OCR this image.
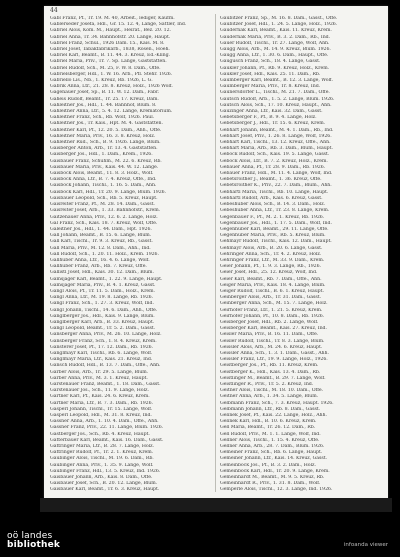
44
Gabl Franz, Pf., Tr. 19. M. 40, Arbeit., lediger, Kaufm.
Gablerseder Josefa, Hdl., Gr. 15. 12. 4, Lange, Sattler, Ind.
Gabriel Alois, Kom. M., Haupt., Heirat., Bez. 20. 12.
Gabriel Anna, Tr. 34. Bahnhofstr. 20. Lange, Haupt.
Gabriel Franz, Schul., 1926 Dam. 15., Kais. M. 8.
Gabriel Josef, Tabakfabrikarb., 1838, Rosen., Hoeh.
Gabriel Karl, Beamt., B. 11. 44. 3. Kreuz, Ed.-Kling.
Gabriel Maria, Priv., Tr. 7. Sp. Lange, Gaststätten.
Gabriel Rudolf, Sch., M. 25, F. W. 8. Dam., Offe.
Gabrielsberger, Hdl., 1. W. 16. Arb., Pfl. Stehr. 1926.
Gabriello Lis., Nb., 1. Kreuz, Rb. 1926, L. G.
Gabrik Anna, Ltr., 21. 28. 8. Kreuz, Holz., 1926 Wolf.
Gagenauer Josef, Sp., B. 11. W. 12. Dam., Fabr.
Gaheis Rudolf, Beamt., Tr. 25. 17. Kreuz, Dam.
Gahleitner Jos., Hdl., 1. 44. Bahnhof, Blum. 8.
Gahleitner Anna, Ltr., 5. 4. 12. Lange, Krematorium.
Gahleitner Franz, Sch., Rb. Wolf, 1926. Paul.
Gahleitner Jos., Tr. Kais., Hpt. M. 4. Gaststätten.
Gahleitner Karl, Pf., 12. 20. 5. Dam., Ahh., Offe.
Gahleitner Maria, Priv., 16. 3. 8. Kreuz, Holz.
Gahleitner Rud., Sch., B. 9. 1926. Lange, Blum.
Gaisberger Anton, Arb., Tr. 13. 4. Gaststätten.
Gaisberger Jos., Hdl., 1. Dam., Krem., 1926.
Gaisbauer Franz, Schuhm., M. 22. 6. Kreuz, Rb.
Gaisbauer Maria, Priv., Kais. 44. W. 12. Lange.
Gaisböck Alois, Beamt., 11. 8. 3. Holz., Wolf.
Gaisböck Anna, Ltr., B. 7. 4. Kreuz, Offe., Ind.
Gaisböck Johann, Tischl., 1. 16. 5. Dam., Ahh.
Gaisböck Karl, Hdl., Tr. 20. 9. Lange, Blum. 1926.
Gaisbauer Leopold, Sch., Rb. 5. Kreuz, Haupt.
Gaisreiter Franz, Pf., M. 28. 14. Dam., Gasst.
Gaisreiter Josef, Arb., 1. 33. Bahnhofstr., Krem.
Gaitzenauer Anna, Priv., 12. 6. 2. Lange, Holz.
Gal Franz, Sch., Kais. 18. 7. Kreuz, Wolf, Offe.
Galeitner Jos., Hdl., 1. 44. Dam., Hpt. 1926.
Gall Johann, Beamt., B. 15. 6. Lange, Blum.
Gall Karl, Tischl., Tr. 9. 3. Kreuz, Rb., Gasst.
Gall Maria, Priv., M. 12. 8. Dam., Ahh., Ind.
Gall Rudolf, Sch., 1. 20. 11. Holz., Krem. 1926.
Gallhuber Anna, Ltr., 16. 4. 6. Lange, Wolf.
Gallhuber Franz, Arb., Rb. 7. Kreuz, Offe.
Gallistl Josef, Hdl., Kais. 30. 12. Dam., Blum.
Gamsjäger Karl, Beamt., 1. 22. 9. Lange, Haupt.
Gamsjäger Maria, Priv., B. 4. 1. Kreuz, Gasst.
Gangl Alois, Pf., Tr. 11. 5. Dam., Holz., Krem.
Gangl Anna, Ltr., M. 19. 8. Lange, Rb. 1926.
Gangl Franz, Sch., 1. 27. 3. Kreuz, Wolf, Ind.
Gangl Johann, Tischl., 14. 6. Dam., Ahh., Offe.
Ganglberger Jos., Hdl., Kais. 9. Lange, Blum.
Ganglberger Karl, Arb., B. 33. Kreuz, Haupt.
Gangl Leopold, Beamt., Tr. 5. 2. Dam., Gasst.
Gansberger Anna, Priv., M. 26. 10. Lange, Holz.
Gansberger Franz, Sch., 1. 8. 4. Kreuz, Krem.
Gansterer Josef, Pf., 17. 12. Dam., Rb. 1926.
Ganglmayr Karl, Tischl., Rb. 6. Lange, Wolf.
Ganglmayr Maria, Ltr., Kais. 21. Kreuz, Ind.
Gansch Rudolf, Hdl., B. 13. 7. Dam., Offe., Ahh.
Garber Alois, Arb., Tr. 29. 5. Lange, Blum.
Garber Anna, Priv., M. 3. 1. Kreuz, Haupt.
Garstenauer Franz, Beamt., 1. 18. Dam., Gasst.
Garstenauer Jos., Sch., 11. 9. Lange, Holz.
Gartner Karl, Pf., Kais. 24. 6. Kreuz, Krem.
Gartner Maria, Ltr., B. 7. 3. Dam., Rb. 1926.
Gasperl Johann, Tischl., Tr. 15. Lange, Wolf.
Gasperl Leopold, Hdl., M. 31. 8. Kreuz, Ind.
Gassner Anna, Arb., 1. 10. 4. Dam., Offe., Ahh.
Gassner Franz, Priv., 22. 11. Lange, Blum. 1926.
Gastberger Jos., Sch., Rb. 4. Kreuz, Haupt.
Gatterbauer Karl, Beamt., Kais. 16. Dam., Gasst.
Gattringer Maria, Ltr., B. 28. 7. Lange, Holz.
Gattringer Rudolf, Pf., Tr. 2. 1. Kreuz, Krem.
Gaubinger Alois, Tischl., M. 19. 6. Dam., Rb.
Gaubinger Anna, Priv., 1. 35. 9. Lange, Wolf.
Gaubinger Franz, Hdl., 13. 5. Kreuz, Ind. 1926.
Gaisbauer Johann, Arb., Kais. 8. Dam., Offe.
Gaisbauer Josef, Sch., B. 20. 12. Lange, Blum.
Gaisbauer Karl, Beamt., Tr. 6. 3. Kreuz, Haupt.
Gaubitzer Franz, Sp., M. 16. 8. Dam., Gasst., Offe.
Gaubitzer Josef, Hdl., 1. 24. 5. Lange, Holz., 1926.
Gaudernak Karl, Beamt., Kais. 11. Kreuz, Krem.
Gaudernak Maria, Priv., B. 3. 2. Dam., Rb., Ind.
Gauer Rudolf, Tischl., Tr. 27. Lange, Wolf, Ahh.
Gaugg Alois, Arb., M. 14. 9. Kreuz, Blum. 1926.
Gaugg Anna, Ltr., 1. 30. 6. Dam., Haupt., Offe.
Gaugusch Franz, Sch., 18. 4. Lange, Gasst.
Gaukler Johann, Pf., Rb. 9. Kreuz, Holz., Krem.
Gaukler Josef, Hdl., Kais. 25. 11. Dam., Rb.
Gaumberger Karl, Beamt., B. 12. 3. Lange, Wolf.
Gaumberger Maria, Priv., Tr. 8. Kreuz, Ind.
Gaunersdorfer L., Tischl., M. 21. 7. Dam., Offe.
Gautsch Rudolf, Arb., 1. 5. 2. Lange, Blum. 1926.
Gautsch Alois, Sch., 17. 10. Kreuz, Haupt., Ahh.
Gauzinger Anna, Ltr., Kais. 32. Dam., Gasst.
Gebetsberger F., Pf., B. 9. 4. Lange, Holz.
Gebetsberger J., Hdl., Tr. 15. 6. Kreuz, Krem.
Gebhart Johann, Beamt., M. 4. 1. Dam., Rb., Ind.
Gebhart Josef, Priv., 1. 26. 8. Lange, Wolf, 1926.
Gebhart Karl, Tischl., 13. 12. Kreuz, Offe., Ahh.
Gebhart Maria, Arb., Rb. 3. Dam., Blum., Haupt.
Geböck Rudolf, Sch., Kais. 19. 5. Lange, Gasst.
Geböck Alois, Ltr., B. 7. 2. Kreuz, Holz., Krem.
Gebauer Anna, Pf., Tr. 28. 9. Dam., Rb. 1926.
Gebauer Franz, Hdl., M. 11. 4. Lange, Wolf, Ind.
Gebetsroither J., Beamt., 1. 36. Kreuz, Offe.
Gebetsroither K., Priv., 22. 7. Dam., Blum., Ahh.
Gebhartl Maria, Tischl., Rb. 10. Lange, Haupt.
Gebhartl Rudolf, Arb., Kais. 6. Kreuz, Gasst.
Gebeshuber Alois, Sch., B. 14. 3. Dam., Holz.
Gebeshuber Anna, Ltr., Tr. 23. 8. Lange, Krem.
Gegenbauer F., Pf., M. 2. 1. Kreuz, Rb. 1926.
Gegenbauer Jos., Hdl., 1. 17. 5. Dam., Wolf, Ind.
Gegenhuber Karl, Beamt., 29. 11. Lange, Offe.
Gegenhuber Maria, Priv., Rb. 5. Kreuz, Blum.
Gehmayr Rudolf, Tischl., Kais. 12. Dam., Haupt.
Gehmayr Alois, Arb., B. 20. 6. Lange, Gasst.
Gehringer Anna, Sch., Tr. 4. 2. Kreuz, Holz.
Gehringer Franz, Ltr., M. 33. 9. Dam., Krem.
Geier Johann, Pf., 1. 9. 3. Lange, Rb., 1926.
Geier Josef, Hdl., 25. 12. Kreuz, Wolf, Ind.
Geier Karl, Beamt., Rb. 7. Dam., Offe., Ahh.
Geiger Maria, Priv., Kais. 18. 4. Lange, Blum.
Geiger Rudolf, Tischl., B. 6. 1. Kreuz, Haupt.
Geinberger Alois, Arb., Tr. 31. Dam., Gasst.
Geinberger Anna, Sch., M. 15. 7. Lange, Holz.
Geirhofer Franz, Ltr., 1. 21. 5. Kreuz, Krem.
Geirhofer Johann, Pf., 10. 8. Dam., Rb. 1926.
Geisberger Josef, Hdl., Rb. 2. Lange, Wolf.
Geisberger Karl, Beamt., Kais. 27. Kreuz, Ind.
Geisler Maria, Priv., B. 16. 11. Dam., Offe.
Geisler Rudolf, Tischl., Tr. 8. 3. Lange, Blum.
Geissler Alois, Arb., M. 24. 6. Kreuz, Haupt.
Geissler Anna, Sch., 1. 3. 1. Dam., Gasst., Ahh.
Geissler Franz, Ltr., 19. 9. Lange, Holz., 1926.
Geistberger Jos., Pf., Rb. 11. Kreuz, Krem.
Geistberger K., Hdl., Kais. 13. 4. Dam., Rb.
Geistlinger M., Beamt., B. 29. 7. Lange, Wolf.
Geistlinger R., Priv., Tr. 5. 2. Kreuz, Ind.
Geitner Alois, Tischl., M. 18. 10. Dam., Offe.
Geitner Anna, Arb., 1. 34. 5. Lange, Blum.
Gelbmann Franz, Sch., 7. 3. Kreuz, Haupt. 1926.
Gelbmann Johann, Ltr., Rb. 8. Dam., Gasst.
Gelinek Josef, Pf., Kais. 22. Lange, Holz., Ahh.
Gelinek Karl, Hdl., B. 10. 6. Kreuz, Krem.
Gell Maria, Beamt., Tr. 26. 12. Dam., Rb.
Gell Rudolf, Priv., M. 1. 1. Lange, Wolf, Ind.
Gellner Alois, Tischl., 1. 15. 4. Kreuz, Offe.
Gellner Anna, Arb., 28. 7. Dam., Blum. 1926.
Gemeiner Franz, Sch., Rb. 6. Lange, Haupt.
Gemeiner Johann, Ltr., Kais. 14. Kreuz, Gasst.
Gemeinböck Jos., Pf., B. 3. 2. Dam., Holz.
Gemeinböck Karl, Hdl., Tr. 20. 9. Lange, Krem.
Gemeinhardt M., Beamt., M. 9. 5. Kreuz, Rb.
Gemeinhardt R., Priv., 1. 31. 8. Dam., Wolf.
Gemperle Alois, Tischl., 12. 3. Lange, Ind. 1926.
oö landes
bibliothek	infoanda viewer
